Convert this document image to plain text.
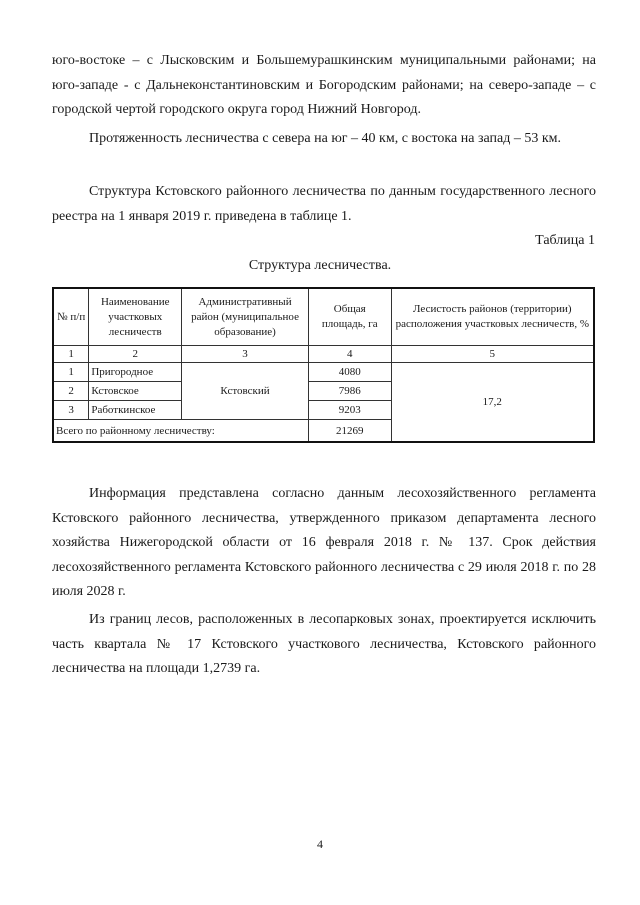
юго-востоке – с Лысковским и Большемурашкинским муниципальными районами; на юго-западе - с Дальнеконстантиновским и Богородским районами; на северо-западе – с городской чертой городского округа город Нижний Новгород.

Протяженность лесничества с севера на юг – 40 км, с востока на запад – 53 км.

Структура Кстовского районного лесничества по данным государственного лесного реестра на 1 января 2019 г. приведена в таблице 1.

Таблица 1
Структура лесничества.
№ п/п	Наименование участковых лесничеств	Административный район (муниципальное образование)	Общая площадь, га	Лесистость районов (территории) расположения участковых лесничеств, %
1	2	3	4	5
1	Пригородное	Кстовский	4080	17,2
2	Кстовское		7986	
3	Работкинское		9203	
Всего по районному лесничеству:			21269	

Информация представлена согласно данным лесохозяйственного регламента Кстовского районного лесничества, утвержденного приказом департамента лесного хозяйства Нижегородской области от 16 февраля 2018 г. № 137. Срок действия лесохозяйственного регламента Кстовского районного лесничества с 29 июля 2018 г. по 28 июля 2028 г.

Из границ лесов, расположенных в лесопарковых зонах, проектируется исключить часть квартала № 17 Кстовского участкового лесничества, Кстовского районного лесничества на площади 1,2739 га.

4
